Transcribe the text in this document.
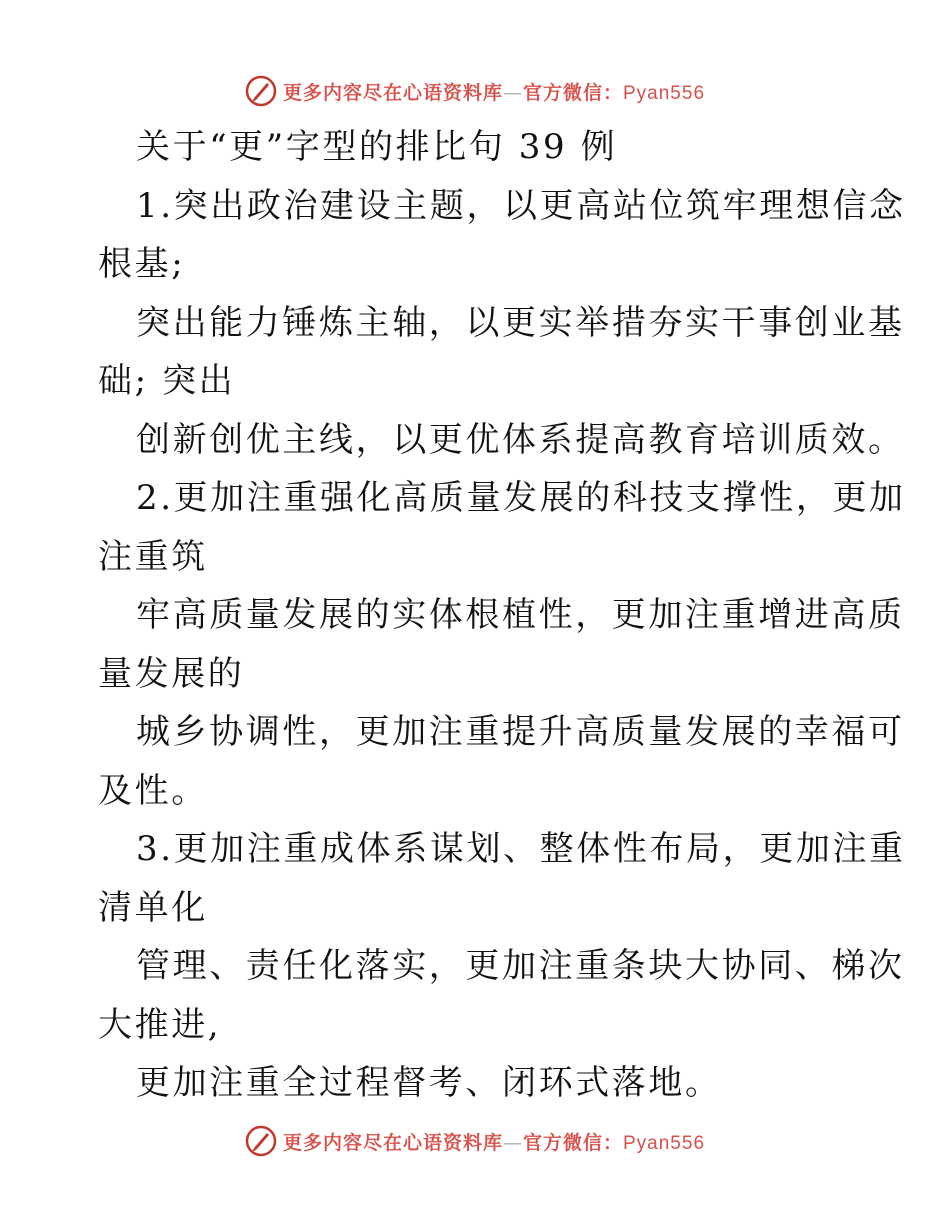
更多内容尽在心语资料库—官方微信：Pyan556
关于“更”字型的排比句 39 例
1.突出政治建设主题，以更高站位筑牢理想信念
根基;
突出能力锤炼主轴，以更实举措夯实干事创业基
础; 突出
创新创优主线，以更优体系提高教育培训质效。
2.更加注重强化高质量发展的科技支撑性，更加
注重筑
牢高质量发展的实体根植性，更加注重增进高质
量发展的
城乡协调性，更加注重提升高质量发展的幸福可
及性。
3.更加注重成体系谋划、整体性布局，更加注重
清单化
管理、责任化落实，更加注重条块大协同、梯次
大推进,
更加注重全过程督考、闭环式落地。
更多内容尽在心语资料库—官方微信：Pyan556
